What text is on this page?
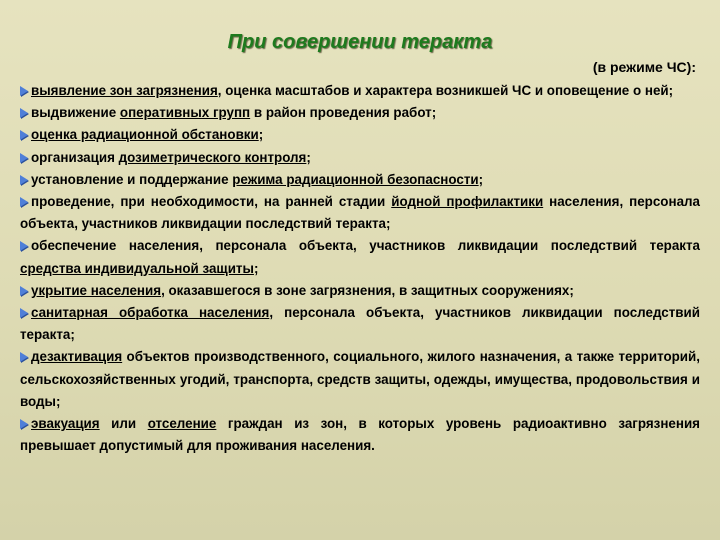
При совершении теракта

(в режиме ЧС):

выявление зон загрязнения, оценка масштабов и характера возникшей ЧС и оповещение о ней;
выдвижение оперативных групп в район проведения работ;
оценка радиационной обстановки;
организация дозиметрического контроля;
установление и поддержание режима радиационной безопасности;
проведение, при необходимости, на ранней стадии йодной профилактики населения, персонала объекта, участников ликвидации последствий теракта;
обеспечение населения, персонала объекта, участников ликвидации последствий теракта средства индивидуальной защиты;
укрытие населения, оказавшегося в зоне загрязнения, в защитных сооружениях;
санитарная обработка населения, персонала объекта, участников ликвидации последствий теракта;
дезактивация объектов производственного, социального, жилого назначения, а также территорий, сельскохозяйственных угодий, транспорта, средств защиты, одежды, имущества, продовольствия и воды;
эвакуация или отселение граждан из зон, в которых уровень радиоактивно загрязнения превышает допустимый для проживания населения.
